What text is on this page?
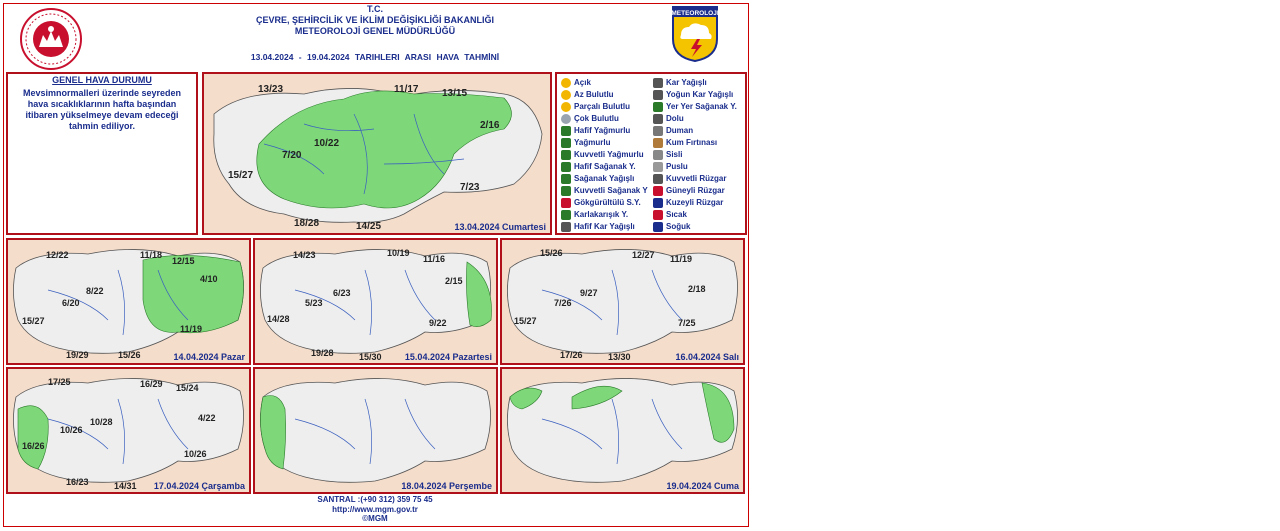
T.C.
ÇEVRE, ŞEHİRCİLİK VE İKLİM DEĞİŞİKLİĞİ BAKANLIĞI
METEOROLOJİ GENEL MÜDÜRLÜĞÜ
13.04.2024 - 19.04.2024 TARIHLERI ARASI HAVA TAHMİNİ
METEOROLOJI
GENEL HAVA DURUMU
Mevsimnormalleri üzerinde seyreden hava sıcaklıklarının hafta başından itibaren yükselmeye devam edeceği tahmin ediliyor.
13/23	11/17 13/15
2/16
10/22
7/20
15/27
7/23
18/28	14/25	13.04.2024 Cumartesi
Açık
Az Bulutlu
Parçalı Bulutlu
Çok Bulutlu
Hafif Yağmurlu
Yağmurlu
Kuvvetli Yağmurlu
Hafif Sağanak Y.
Sağanak Yağışlı
Kuvvetli Sağanak Y
Gökgürültülü S.Y.
Karlakarışık Y.
Hafif Kar Yağışlı
Kar Yağışlı
Yoğun Kar Yağışlı
Yer Yer Sağanak Y.
Dolu
Duman
Kum Fırtınası
Sisli
Puslu
Kuvvetli Rüzgar
Güneyli Rüzgar
Kuzeyli Rüzgar
Sıcak
Soğuk
12/22	11/18
12/15
4/10
8/22
6/20
15/27
11/19
19/29	15/26	14.04.2024 Pazar
14/23	10/19
11/16
6/23
2/15
5/23
14/28	9/22
19/28	15/30	15.04.2024 Pazartesi
15/26	12/27 11/19
9/27	2/18
7/26
15/27	7/25
17/26	13/30	16.04.2024 Salı
17/25	16/29 15/24
10/28	4/22
10/26
16/26
10/26
16/23	14/31 17.04.2024 Çarşamba	18.04.2024 Perşembe	19.04.2024 Cuma
SANTRAL :(+90 312) 359 75 45
http://www.mgm.gov.tr
©MGM
